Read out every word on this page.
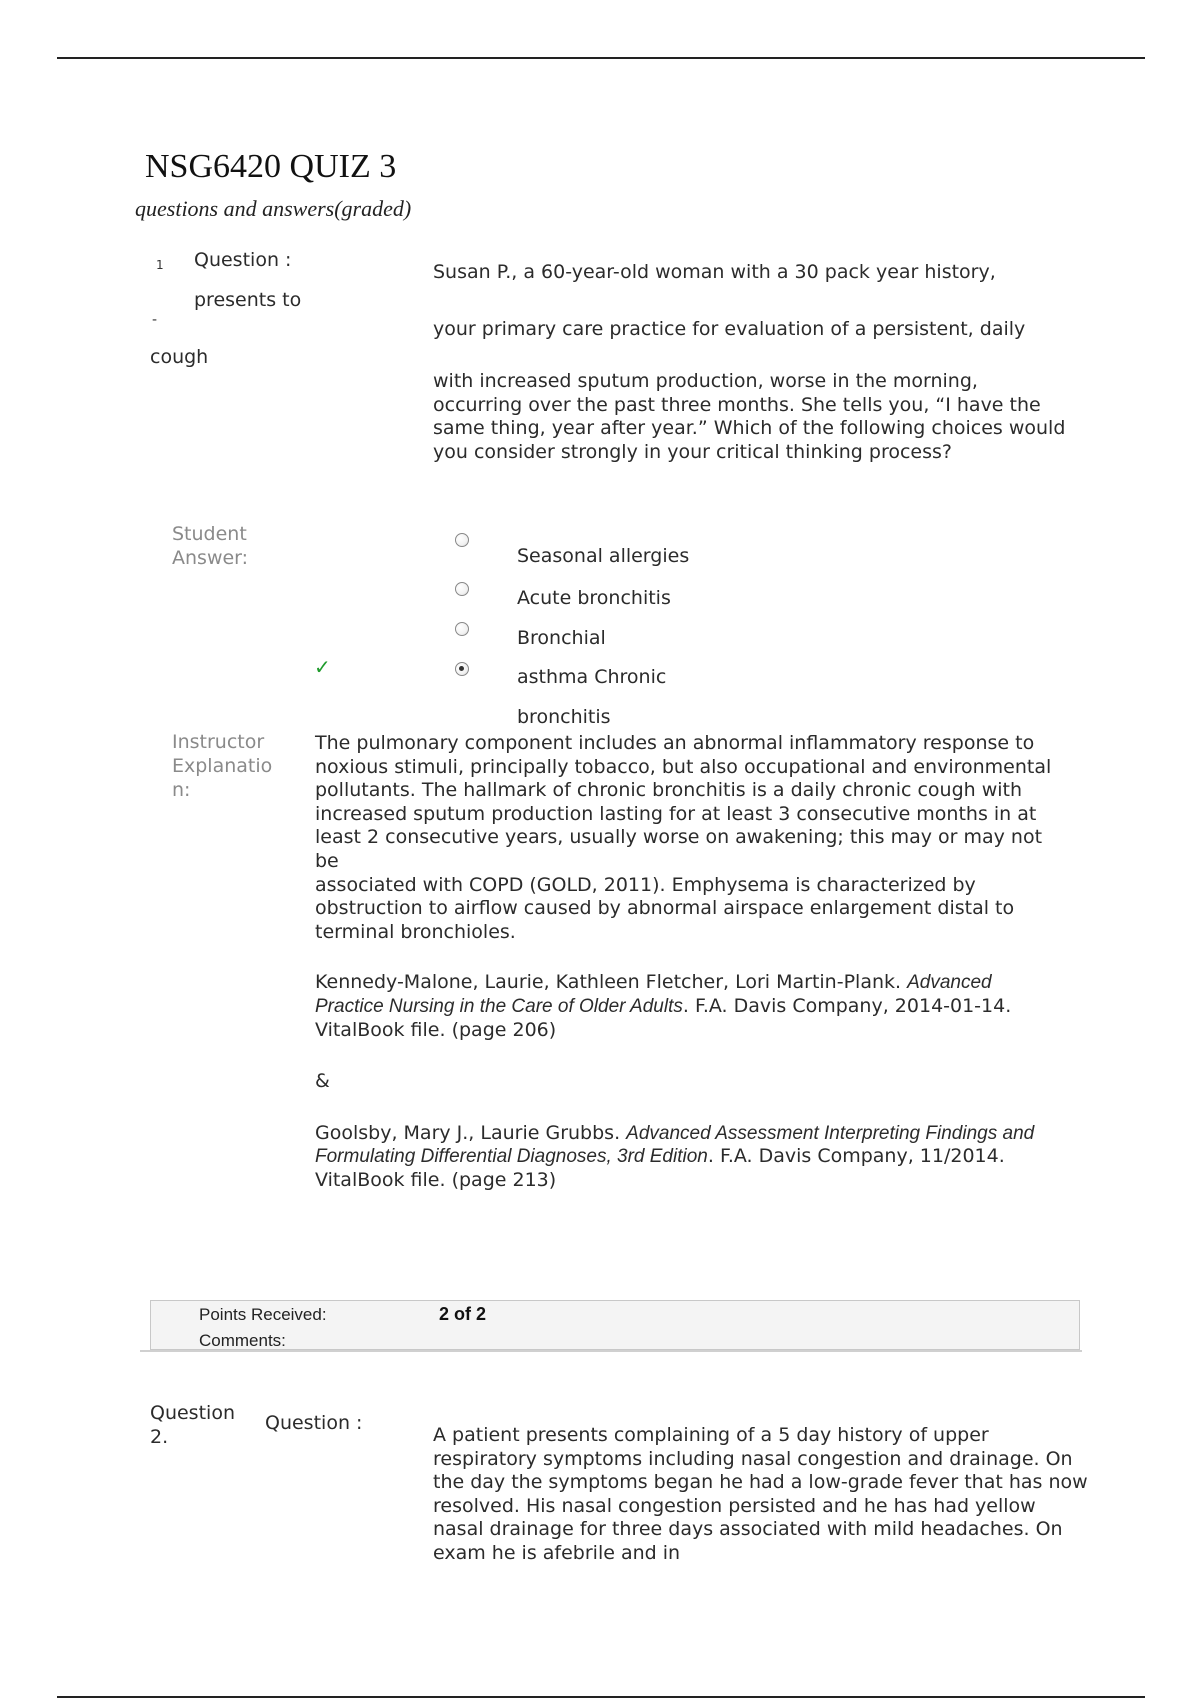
NSG6420 QUIZ 3
questions and answers(graded)
1
-
Question :
presents to
cough
Susan P., a 60-year-old woman with a 30 pack year history,
your primary care practice for evaluation of a persistent, daily
with increased sputum production, worse in the morning, occurring over the past three months. She tells you, “I have the same thing, year after year.” Which of the following choices would you consider strongly in your critical thinking process?
Student Answer:
✓
Seasonal allergies
Acute bronchitis
Bronchial
asthma Chronic
bronchitis
Instructor Explanation:
The pulmonary component includes an abnormal inflammatory response to noxious stimuli, principally tobacco, but also occupational and environmental pollutants. The hallmark of chronic bronchitis is a daily chronic cough with increased sputum production lasting for at least 3 consecutive months in at least 2 consecutive years, usually worse on awakening; this may or may not be
associated with COPD (GOLD, 2011). Emphysema is characterized by obstruction to airflow caused by abnormal airspace enlargement distal to terminal bronchioles.
Kennedy-Malone, Laurie, Kathleen Fletcher, Lori Martin-Plank. Advanced Practice Nursing in the Care of Older Adults. F.A. Davis Company, 2014-01-14. VitalBook file. (page 206)
&
Goolsby, Mary J., Laurie Grubbs. Advanced Assessment Interpreting Findings and Formulating Differential Diagnoses, 3rd Edition. F.A. Davis Company, 11/2014. VitalBook file. (page 213)
Points Received:	2 of 2
Comments:
Question 2.
Question :
A patient presents complaining of a 5 day history of upper respiratory symptoms including nasal congestion and drainage. On the day the symptoms began he had a low-grade fever that has now resolved. His nasal congestion persisted and he has had yellow nasal drainage for three days associated with mild headaches. On exam he is afebrile and in
